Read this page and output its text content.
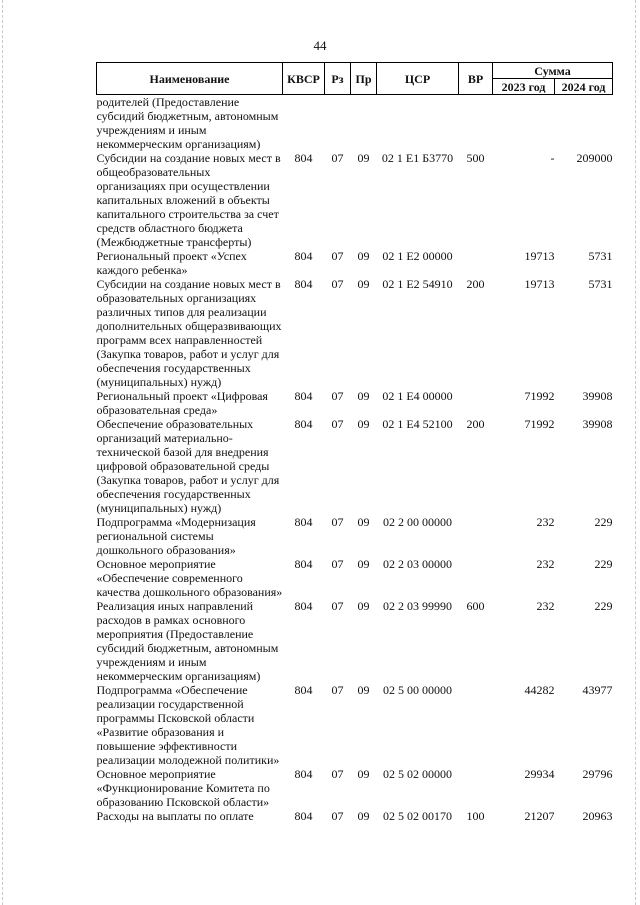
44
Наименование	КВСР	Рз	Пр	ЦСР	ВР	Сумма	
						2023 год	2024 год
родителей (Предоставление субсидий бюджетным, автономным учреждениям и иным некоммерческим организациям)							
Субсидии на создание новых мест в общеобразовательных организациях при осуществлении капитальных вложений в объекты капитального строительства за счет средств областного бюджета (Межбюджетные трансферты)	804	07	09	02 1 E1 Б3770	500	-	209000
Региональный проект «Успех каждого ребенка»	804	07	09	02 1 E2 00000		19713	5731
Субсидии на создание новых мест в образовательных организациях различных типов для реализации дополнительных общеразвивающих программ всех направленностей (Закупка товаров, работ и услуг для обеспечения государственных (муниципальных) нужд)	804	07	09	02 1 E2 54910	200	19713	5731
Региональный проект «Цифровая образовательная среда»	804	07	09	02 1 E4 00000		71992	39908
Обеспечение образовательных организаций материально-технической базой для внедрения цифровой образовательной среды (Закупка товаров, работ и услуг для обеспечения государственных (муниципальных) нужд)	804	07	09	02 1 E4 52100	200	71992	39908
Подпрограмма «Модернизация региональной системы дошкольного образования»	804	07	09	02 2 00 00000		232	229
Основное мероприятие «Обеспечение современного качества дошкольного образования»	804	07	09	02 2 03 00000		232	229
Реализация иных направлений расходов в рамках основного мероприятия (Предоставление субсидий бюджетным, автономным учреждениям и иным некоммерческим организациям)	804	07	09	02 2 03 99990	600	232	229
Подпрограмма «Обеспечение реализации государственной программы Псковской области «Развитие образования и повышение эффективности реализации молодежной политики»	804	07	09	02 5 00 00000		44282	43977
Основное мероприятие «Функционирование Комитета по образованию Псковской области»	804	07	09	02 5 02 00000		29934	29796
Расходы на выплаты по оплате	804	07	09	02 5 02 00170	100	21207	20963
